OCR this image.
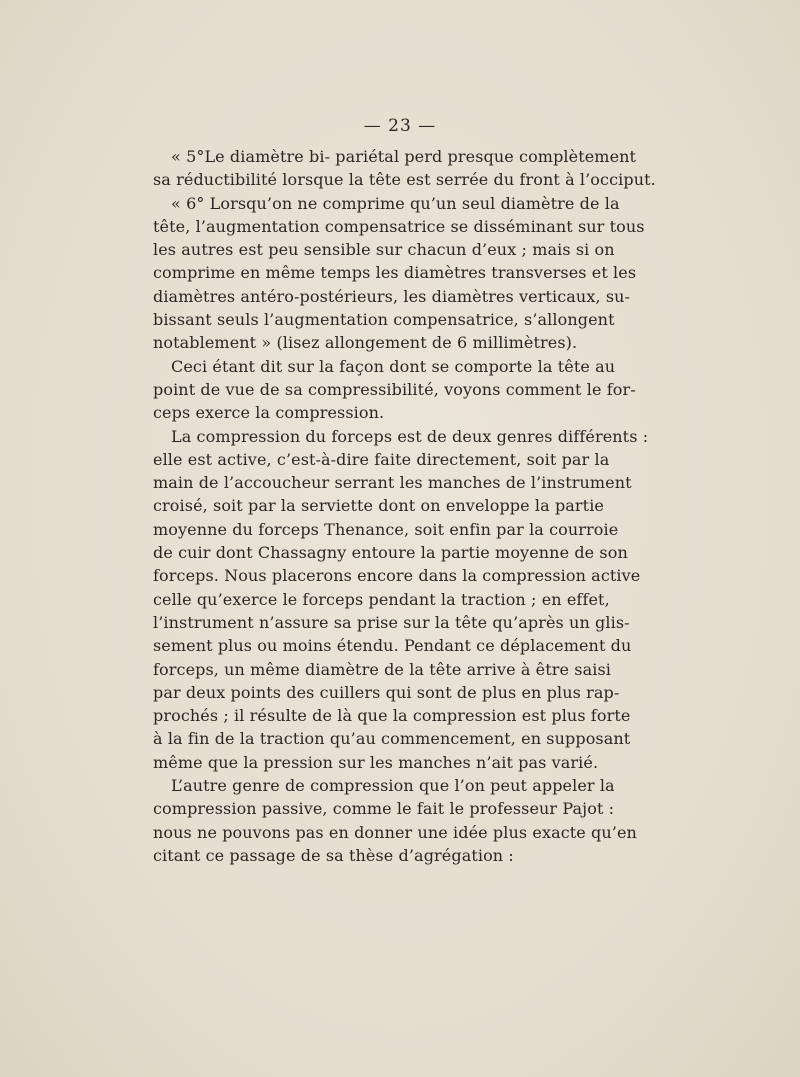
— 23 —
« 5°Le diamètre bi- pariétal perd presque complètement
sa réductibilité lorsque la tête est serrée du front à l’occiput.
« 6° Lorsqu’on ne comprime qu’un seul diamètre de la
tête, l’augmentation compensatrice se disséminant sur tous
les autres est peu sensible sur chacun d’eux ; mais si on
comprime en même temps les diamètres transverses et les
diamètres antéro-postérieurs, les diamètres verticaux, su-
bissant seuls l’augmentation compensatrice, s’allongent
notablement » (lisez allongement de 6 millimètres).
Ceci étant dit sur la façon dont se comporte la tête au
point de vue de sa compressibilité, voyons comment le for-
ceps exerce la compression.
La compression du forceps est de deux genres différents :
elle est active, c’est-à-dire faite directement, soit par la
main de l’accoucheur serrant les manches de l’instrument
croisé, soit par la serviette dont on enveloppe la partie
moyenne du forceps Thenance, soit enfin par la courroie
de cuir dont Chassagny entoure la partie moyenne de son
forceps. Nous placerons encore dans la compression active
celle qu’exerce le forceps pendant la traction ; en effet,
l’instrument n’assure sa prise sur la tête qu’après un glis-
sement plus ou moins étendu. Pendant ce déplacement du
forceps, un même diamètre de la tête arrive à être saisi
par deux points des cuillers qui sont de plus en plus rap-
prochés ; il résulte de là que la compression est plus forte
à la fin de la traction qu’au commencement, en supposant
même que la pression sur les manches n’ait pas varié.
L’autre genre de compression que l’on peut appeler la
compression passive, comme le fait le professeur Pajot :
nous ne pouvons pas en donner une idée plus exacte qu’en
citant ce passage de sa thèse d’agrégation :
